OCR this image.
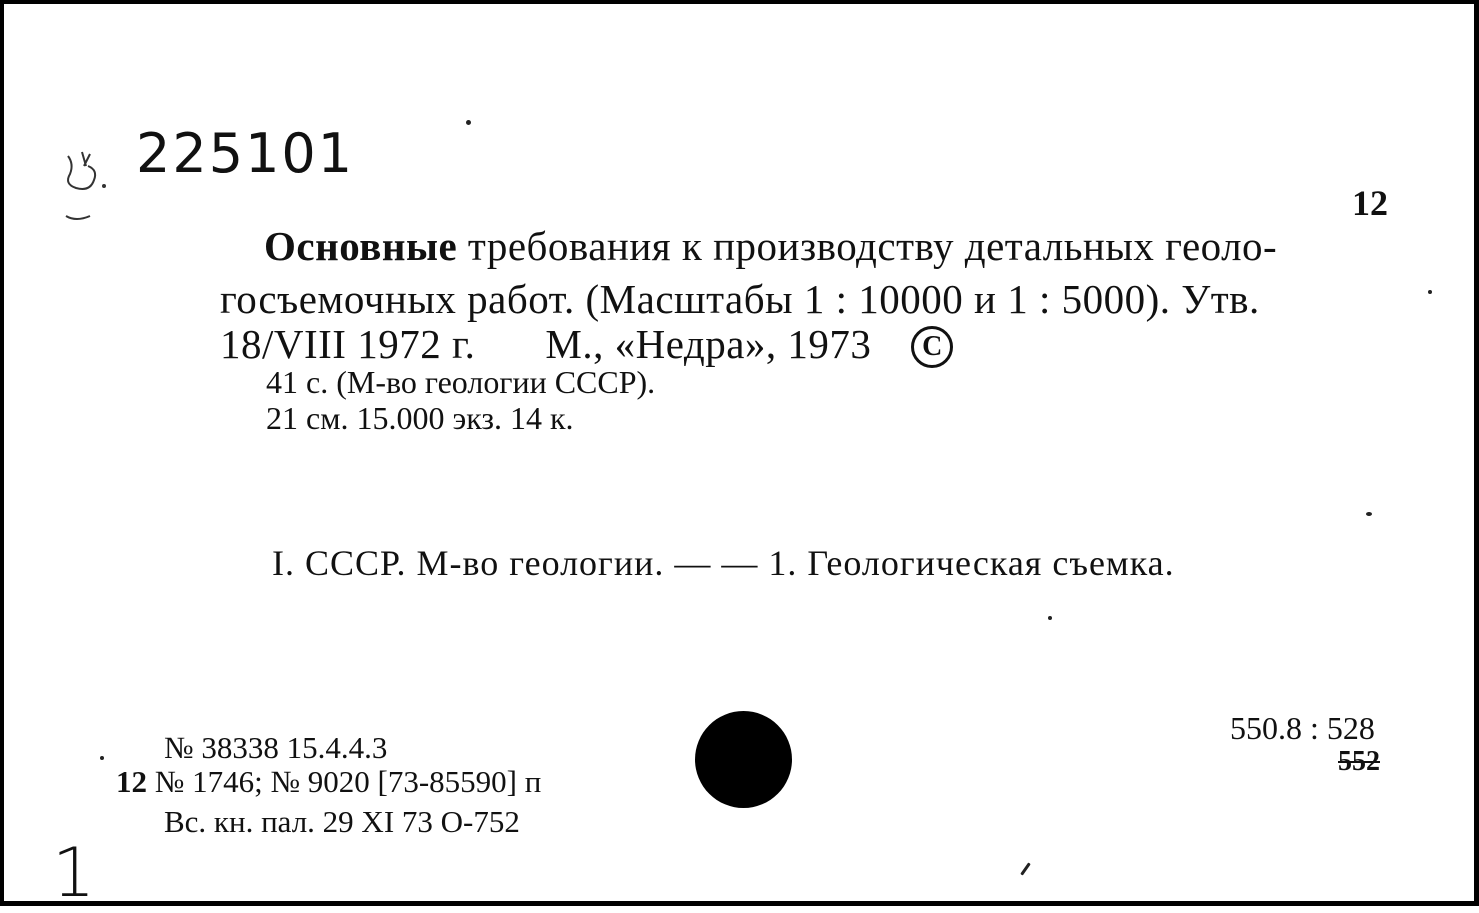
225101
12
Основные требования к производству детальных геоло-
госъемочных работ. (Масштабы 1 : 10000 и 1 : 5000). Утв.
18/VIII 1972 г. М., «Недра», 1973 C
41 с. (М-во геологии СССР).
21 см. 15.000 экз. 14 к.
I. СССР. М-во геологии. — — 1. Геологическая съемка.
№ 38338 15.4.4.3
12 № 1746; № 9020 [73-85590] п
Вс. кн. пал. 29 XI 73 О-752
550.8 : 528
552
1
